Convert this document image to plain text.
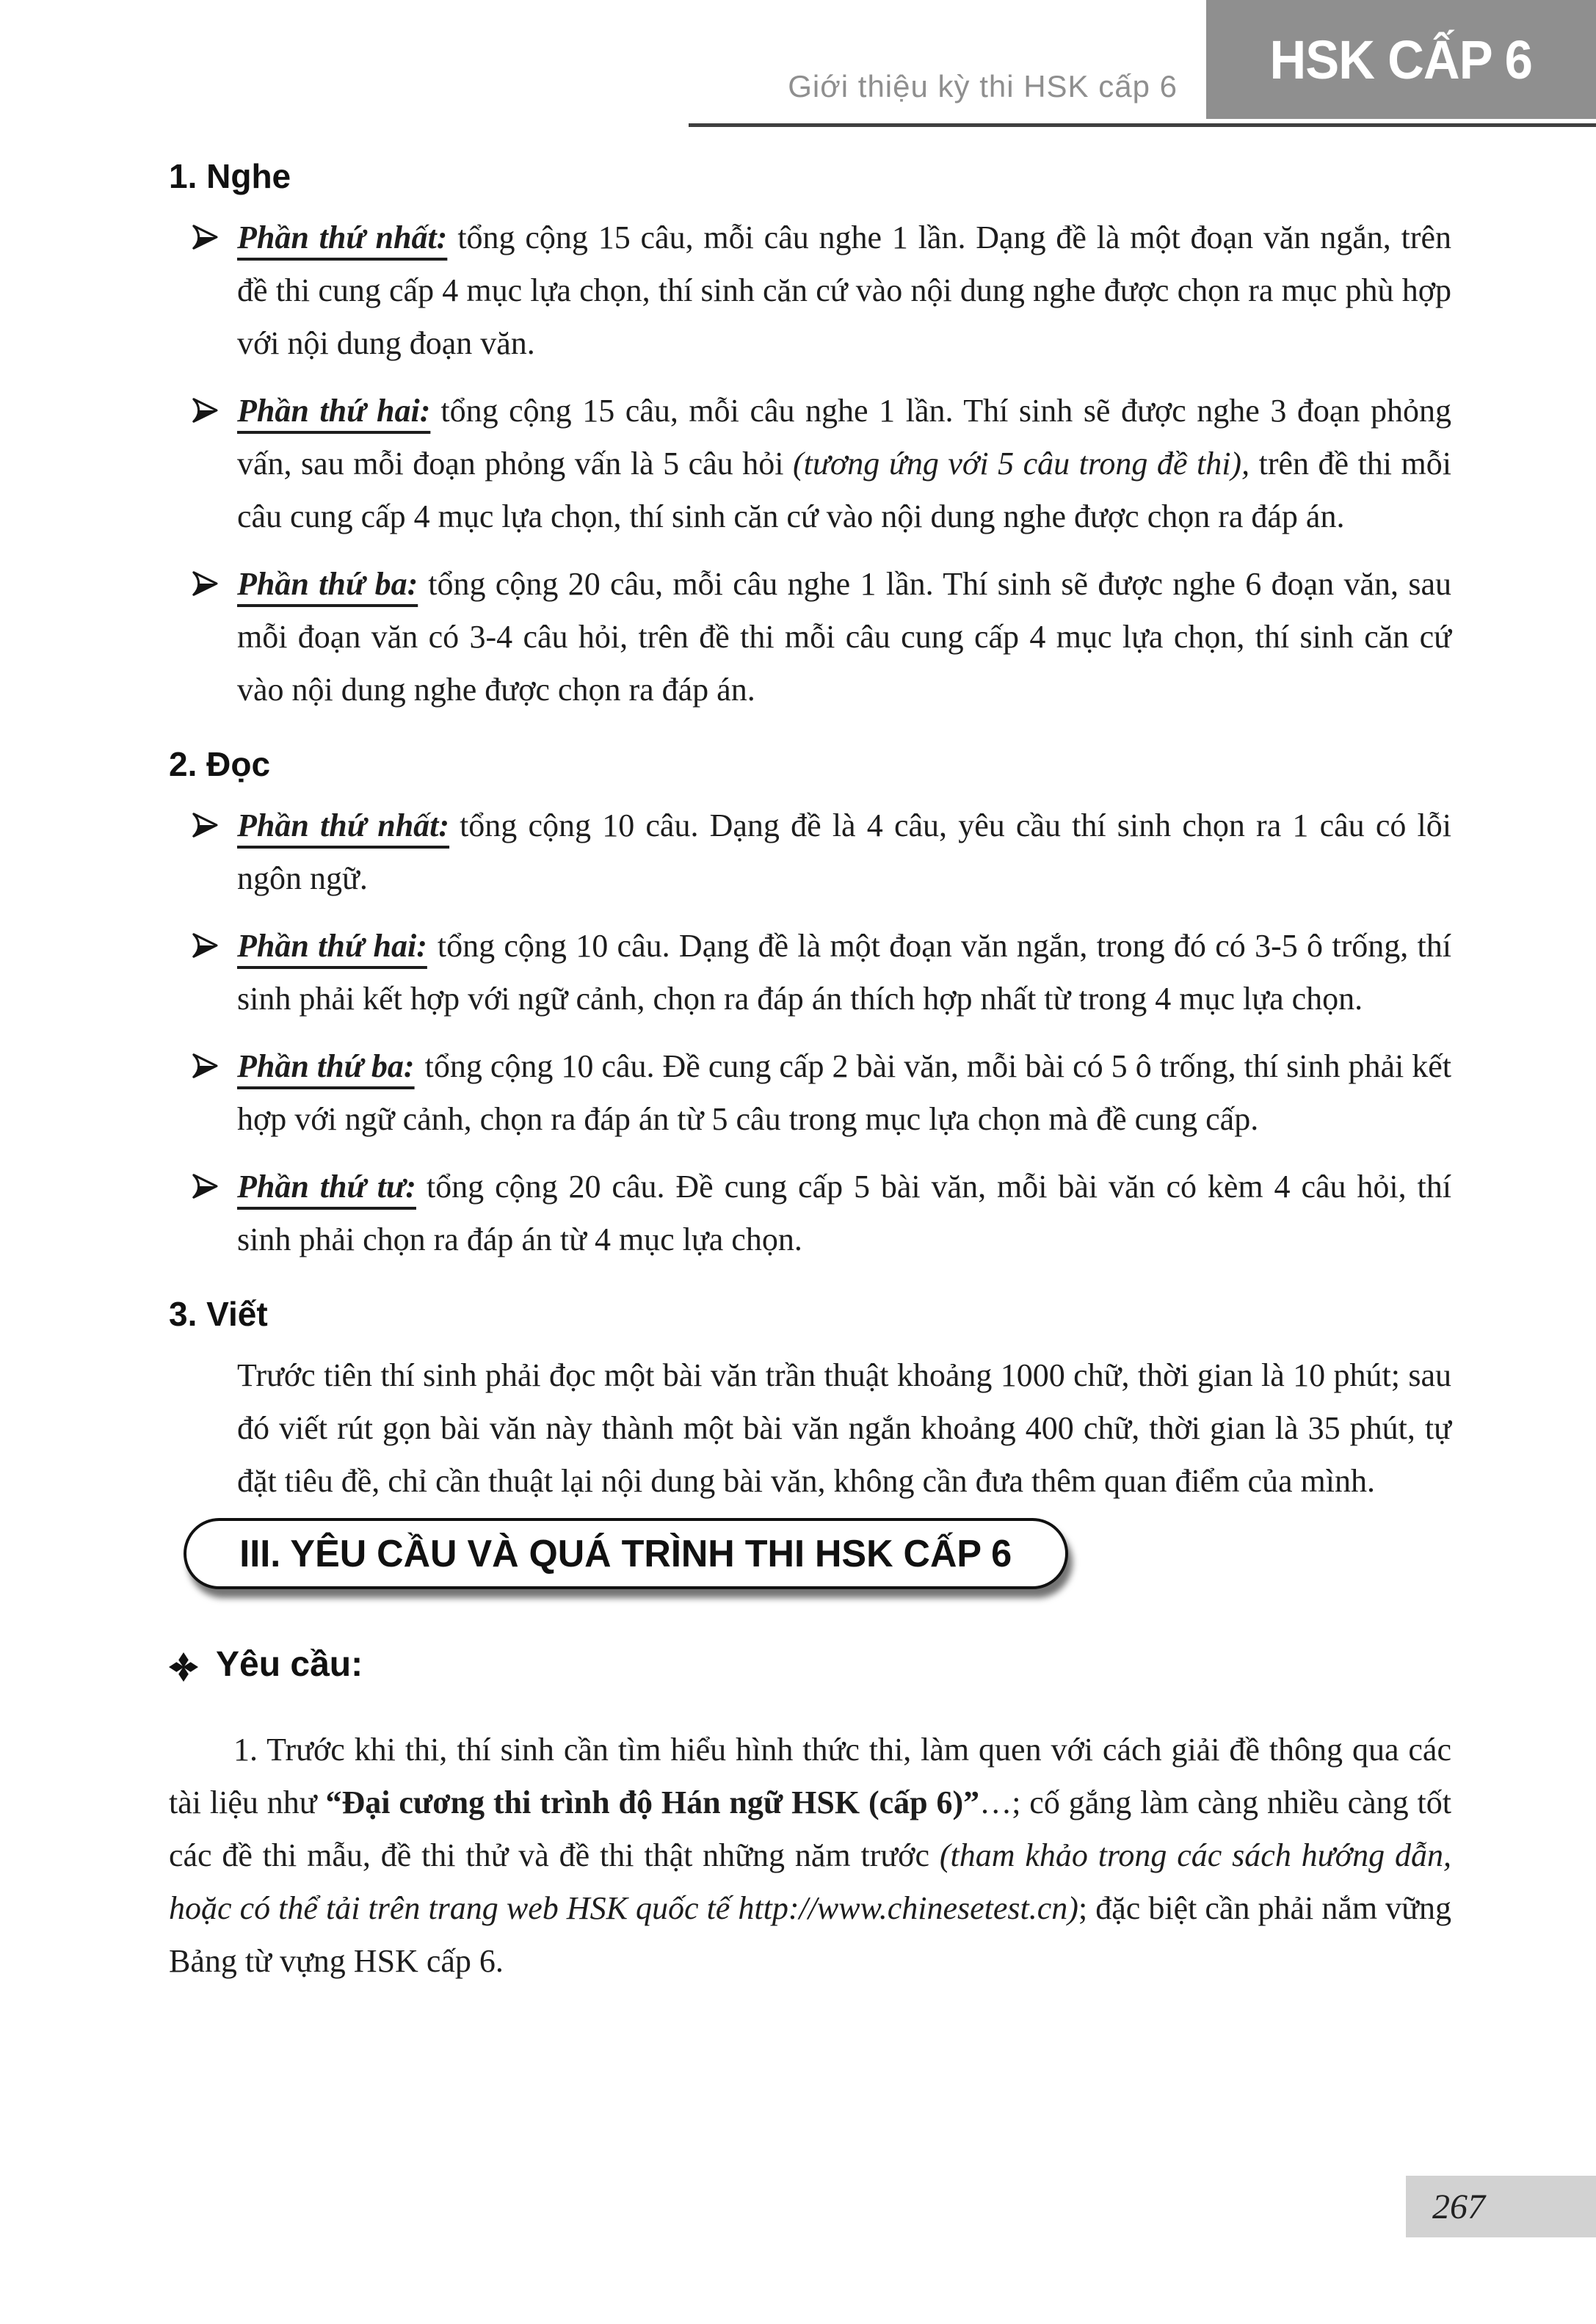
Giới thiệu kỳ thi HSK cấp 6 HSK CẤP 6
1. Nghe

Phần thứ nhất: tổng cộng 15 câu, mỗi câu nghe 1 lần. Dạng đề là một đoạn văn ngắn, trên đề thi cung cấp 4 mục lựa chọn, thí sinh căn cứ vào nội dung nghe được chọn ra mục phù hợp với nội dung đoạn văn.

Phần thứ hai: tổng cộng 15 câu, mỗi câu nghe 1 lần. Thí sinh sẽ được nghe 3 đoạn phỏng vấn, sau mỗi đoạn phỏng vấn là 5 câu hỏi (tương ứng với 5 câu trong đề thi), trên đề thi mỗi câu cung cấp 4 mục lựa chọn, thí sinh căn cứ vào nội dung nghe được chọn ra đáp án.

Phần thứ ba: tổng cộng 20 câu, mỗi câu nghe 1 lần. Thí sinh sẽ được nghe 6 đoạn văn, sau mỗi đoạn văn có 3-4 câu hỏi, trên đề thi mỗi câu cung cấp 4 mục lựa chọn, thí sinh căn cứ vào nội dung nghe được chọn ra đáp án.

2. Đọc

Phần thứ nhất: tổng cộng 10 câu. Dạng đề là 4 câu, yêu cầu thí sinh chọn ra 1 câu có lỗi ngôn ngữ.

Phần thứ hai: tổng cộng 10 câu. Dạng đề là một đoạn văn ngắn, trong đó có 3-5 ô trống, thí sinh phải kết hợp với ngữ cảnh, chọn ra đáp án thích hợp nhất từ trong 4 mục lựa chọn.

Phần thứ ba: tổng cộng 10 câu. Đề cung cấp 2 bài văn, mỗi bài có 5 ô trống, thí sinh phải kết hợp với ngữ cảnh, chọn ra đáp án từ 5 câu trong mục lựa chọn mà đề cung cấp.

Phần thứ tư: tổng cộng 20 câu. Đề cung cấp 5 bài văn, mỗi bài văn có kèm 4 câu hỏi, thí sinh phải chọn ra đáp án từ 4 mục lựa chọn.

3. Viết

Trước tiên thí sinh phải đọc một bài văn trần thuật khoảng 1000 chữ, thời gian là 10 phút; sau đó viết rút gọn bài văn này thành một bài văn ngắn khoảng 400 chữ, thời gian là 35 phút, tự đặt tiêu đề, chỉ cần thuật lại nội dung bài văn, không cần đưa thêm quan điểm của mình.

III. YÊU CẦU VÀ QUÁ TRÌNH THI HSK CẤP 6
Yêu cầu:

1. Trước khi thi, thí sinh cần tìm hiểu hình thức thi, làm quen với cách giải đề thông qua các tài liệu như “Đại cương thi trình độ Hán ngữ HSK (cấp 6)”…; cố gắng làm càng nhiều càng tốt các đề thi mẫu, đề thi thử và đề thi thật những năm trước (tham khảo trong các sách hướng dẫn, hoặc có thể tải trên trang web HSK quốc tế http://www.chinesetest.cn); đặc biệt cần phải nắm vững Bảng từ vựng HSK cấp 6.

267
